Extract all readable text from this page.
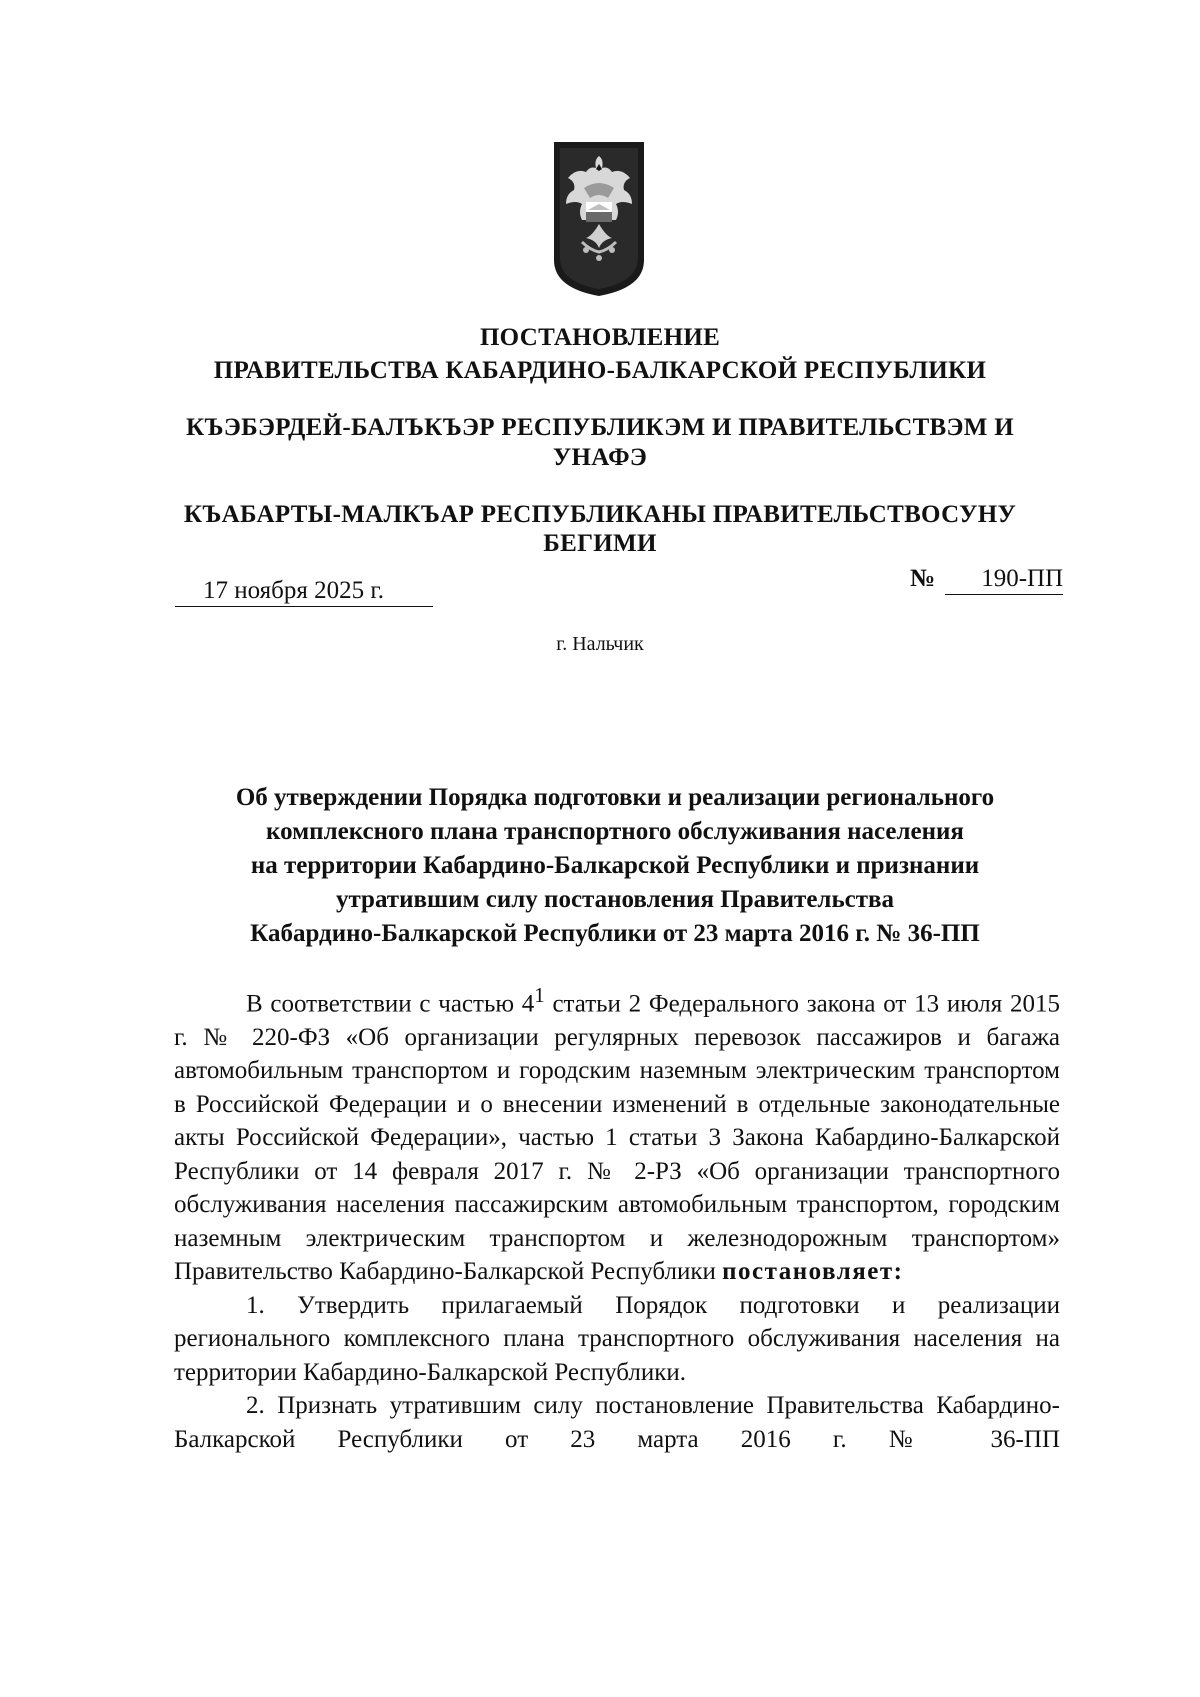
ПОСТАНОВЛЕНИЕ
ПРАВИТЕЛЬСТВА КАБАРДИНО-БАЛКАРСКОЙ РЕСПУБЛИКИ
КЪЭБЭРДЕЙ-БАЛЪКЪЭР РЕСПУБЛИКЭМ И ПРАВИТЕЛЬСТВЭМ И
УНАФЭ
КЪАБАРТЫ-МАЛКЪАР РЕСПУБЛИКАНЫ ПРАВИТЕЛЬСТВОСУНУ
БЕГИМИ
17 ноября 2025 г.	№ 190-ПП
г. Нальчик
Об утверждении Порядка подготовки и реализации регионального
комплексного плана транспортного обслуживания населения
на территории Кабардино-Балкарской Республики и признании
утратившим силу постановления Правительства
Кабардино-Балкарской Республики от 23 марта 2016 г. № 36-ПП

В соответствии с частью $4^1$ статьи 2 Федерального закона от 13 июля 2015 г. № 220-ФЗ «Об организации регулярных перевозок пассажиров и багажа автомобильным транспортом и городским наземным электрическим транспортом в Российской Федерации и о внесении изменений в отдельные законодательные акты Российской Федерации», частью 1 статьи 3 Закона Кабардино-Балкарской Республики от 14 февраля 2017 г. № 2-РЗ «Об организации транспортного обслуживания населения пассажирским автомобильным транспортом, городским наземным электрическим транспортом и железнодорожным транспортом» Правительство Кабардино-Балкарской Республики постановляет:

1. Утвердить прилагаемый Порядок подготовки и реализации регионального комплексного плана транспортного обслуживания населения на территории Кабардино-Балкарской Республики.

2. Признать утратившим силу постановление Правительства Кабардино-Балкарской Республики от 23 марта 2016 г. № 36-ПП
